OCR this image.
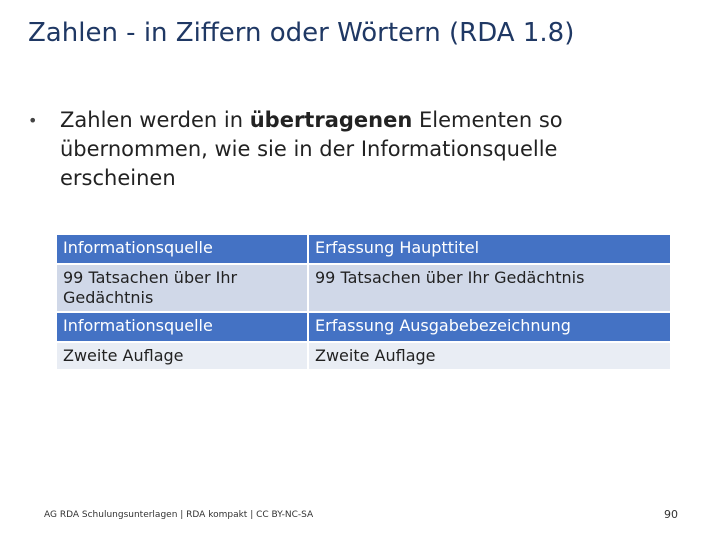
Zahlen - in Ziffern oder Wörtern (RDA 1.8)
• Zahlen werden in übertragenen Elementen so übernommen, wie sie in der Informationsquelle erscheinen
Informationsquelle	Erfassung Haupttitel
99 Tatsachen über Ihr Gedächtnis	99 Tatsachen über Ihr Gedächtnis
Informationsquelle	Erfassung Ausgabebezeichnung
Zweite Auflage	Zweite Auflage
AG RDA Schulungsunterlagen | RDA kompakt | CC BY-NC-SA	90
